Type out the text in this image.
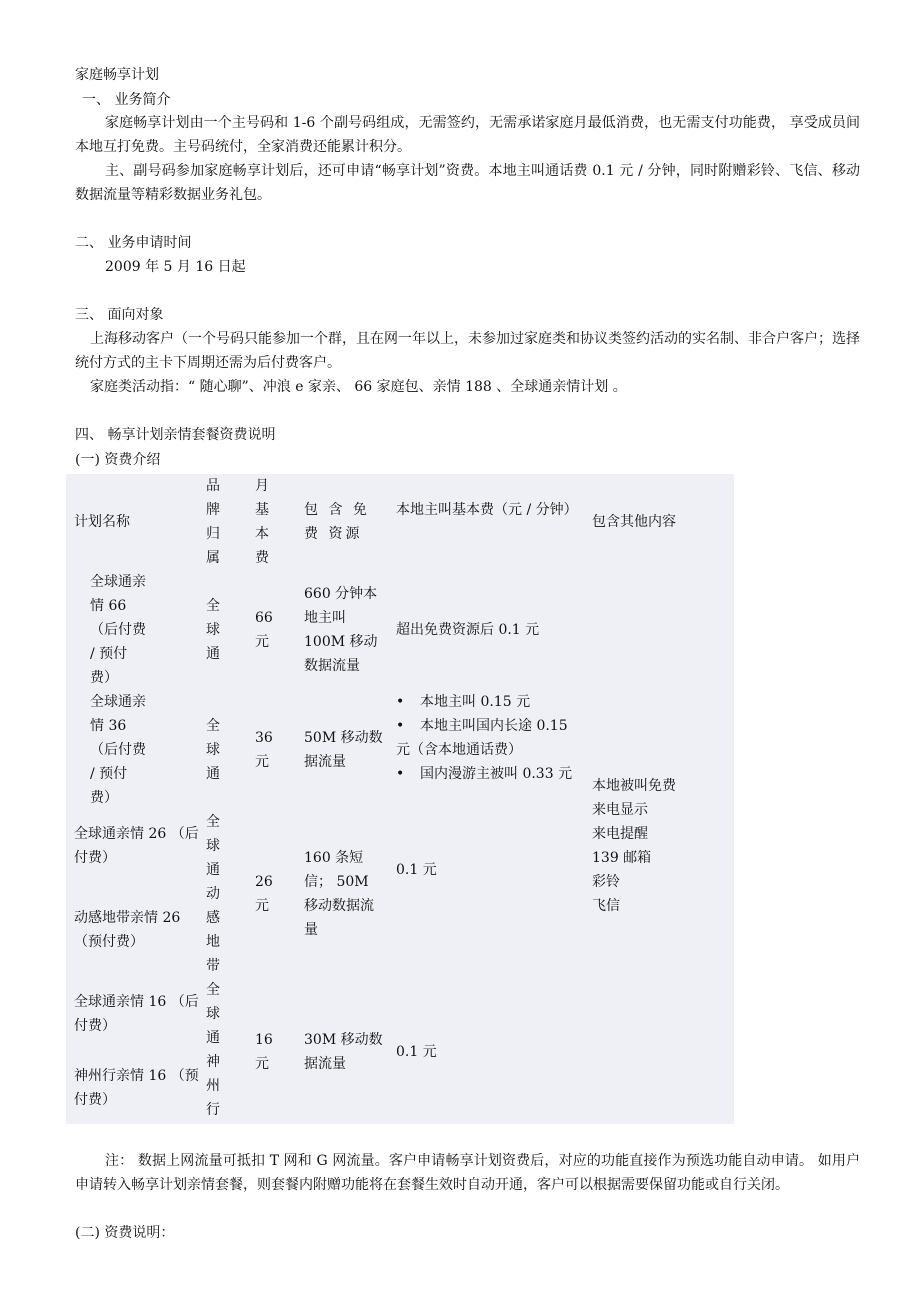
家庭畅享计划
一、 业务简介
家庭畅享计划由一个主号码和 1-6 个副号码组成，无需签约，无需承诺家庭月最低消费，也无需支付功能费， 享受成员间本地互打免费。主号码统付，全家消费还能累计积分。
主、副号码参加家庭畅享计划后，还可申请“畅享计划”资费。本地主叫通话费 0.1 元 / 分钟，同时附赠彩铃、飞信、移动数据流量等精彩数据业务礼包。
二、 业务申请时间
2009 年 5 月 16 日起
三、 面向对象
上海移动客户（一个号码只能参加一个群，且在网一年以上，未参加过家庭类和协议类签约活动的实名制、非合户客户；选择统付方式的主卡下周期还需为后付费客户。
家庭类活动指：“ 随心聊”、冲浪 e 家亲、 66 家庭包、亲情 188 、全球通亲情计划 。
四、 畅享计划亲情套餐资费说明
(一) 资费介绍
计划名称
品牌归属
月基本费
包 含 免 费 资源
本地主叫基本费（元 / 分钟）
包含其他内容
全球通亲情 66 （后付费 / 预付费）
全球通
66 元
660 分钟本地主叫 100M 移动数据流量
超出免费资源后 0.1 元
全球通亲情 36 （后付费 / 预付费）
全球通
36 元
50M 移动数据流量
• 本地主叫 0.15 元
• 本地主叫国内长途 0.15 元（含本地通话费）
• 国内漫游主被叫 0.33 元
全球通亲情 26 （后付费）
动感地带亲情 26 （预付费）
全球通动感地带
26 元
160 条短信； 50M 移动数据流量
0.1 元
全球通亲情 16 （后付费）
神州行亲情 16 （预付费）
全球通神州行
16 元
30M 移动数据流量
0.1 元
本地被叫免费
来电显示
来电提醒
139 邮箱
彩铃
飞信
注： 数据上网流量可抵扣 T 网和 G 网流量。客户申请畅享计划资费后，对应的功能直接作为预选功能自动申请。 如用户申请转入畅享计划亲情套餐，则套餐内附赠功能将在套餐生效时自动开通，客户可以根据需要保留功能或自行关闭。
(二) 资费说明：
